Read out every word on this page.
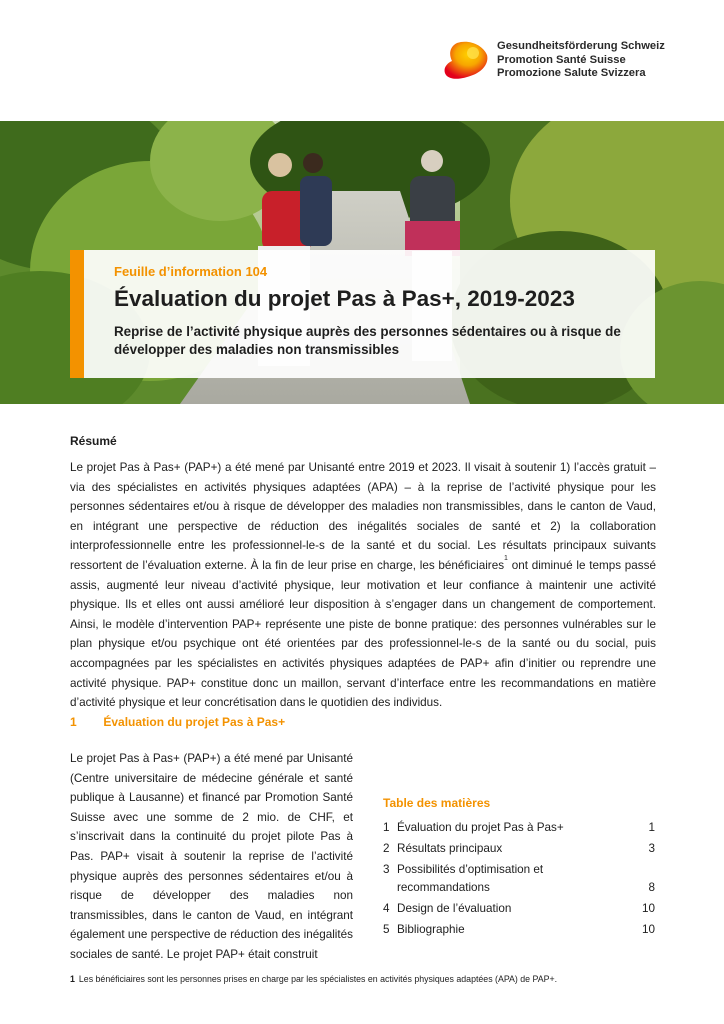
Gesundheitsförderung Schweiz
Promotion Santé Suisse
Promozione Salute Svizzera
Feuille d’information 104
Évaluation du projet Pas à Pas+, 2019-2023
Reprise de l’activité physique auprès des personnes sédentaires ou à risque de développer des maladies non transmissibles
Résumé
Le projet Pas à Pas+ (PAP+) a été mené par Unisanté entre 2019 et 2023. Il visait à soutenir 1) l’accès gratuit – via des spécialistes en activités physiques adaptées (APA) – à la reprise de l’activité physique pour les personnes sédentaires et/ou à risque de développer des maladies non transmissibles, dans le canton de Vaud, en intégrant une perspective de réduction des inégalités sociales de santé et 2) la collaboration interprofessionnelle entre les professionnel-le-s de la santé et du social. Les résultats principaux suivants ressortent de l’évaluation externe. À la fin de leur prise en charge, les bénéficiaires$^1$ ont diminué le temps passé assis, augmenté leur niveau d’activité physique, leur motivation et leur confiance à maintenir une activité physique. Ils et elles ont aussi amélioré leur disposition à s’engager dans un changement de comportement. Ainsi, le modèle d’intervention PAP+ représente une piste de bonne pratique: des personnes vulnérables sur le plan physique et/ou psychique ont été orientées par des professionnel-le-s de la santé ou du social, puis accompagnées par les spécialistes en activités physiques adaptées de PAP+ afin d’initier ou reprendre une activité physique. PAP+ constitue donc un maillon, servant d’interface entre les recommandations en matière d’activité physique et leur concrétisation dans le quotidien des individus.
1 Évaluation du projet Pas à Pas+
Le projet Pas à Pas+ (PAP+) a été mené par Unisanté (Centre universitaire de médecine générale et santé publique à Lausanne) et financé par Promotion Santé Suisse avec une somme de 2 mio. de CHF, et s’inscrivait dans la continuité du projet pilote Pas à Pas. PAP+ visait à soutenir la reprise de l’activité physique auprès des personnes sédentaires et/ou à risque de développer des maladies non transmissibles, dans le canton de Vaud, en intégrant également une perspective de réduction des inégalités sociales de santé. Le projet PAP+ était construit
Table des matières
1 Évaluation du projet Pas à Pas+	1
2 Résultats principaux	3
3 Possibilités d’optimisation et recommandations	8
4 Design de l’évaluation	10
5 Bibliographie	10
1 Les bénéficiaires sont les personnes prises en charge par les spécialistes en activités physiques adaptées (APA) de PAP+.
